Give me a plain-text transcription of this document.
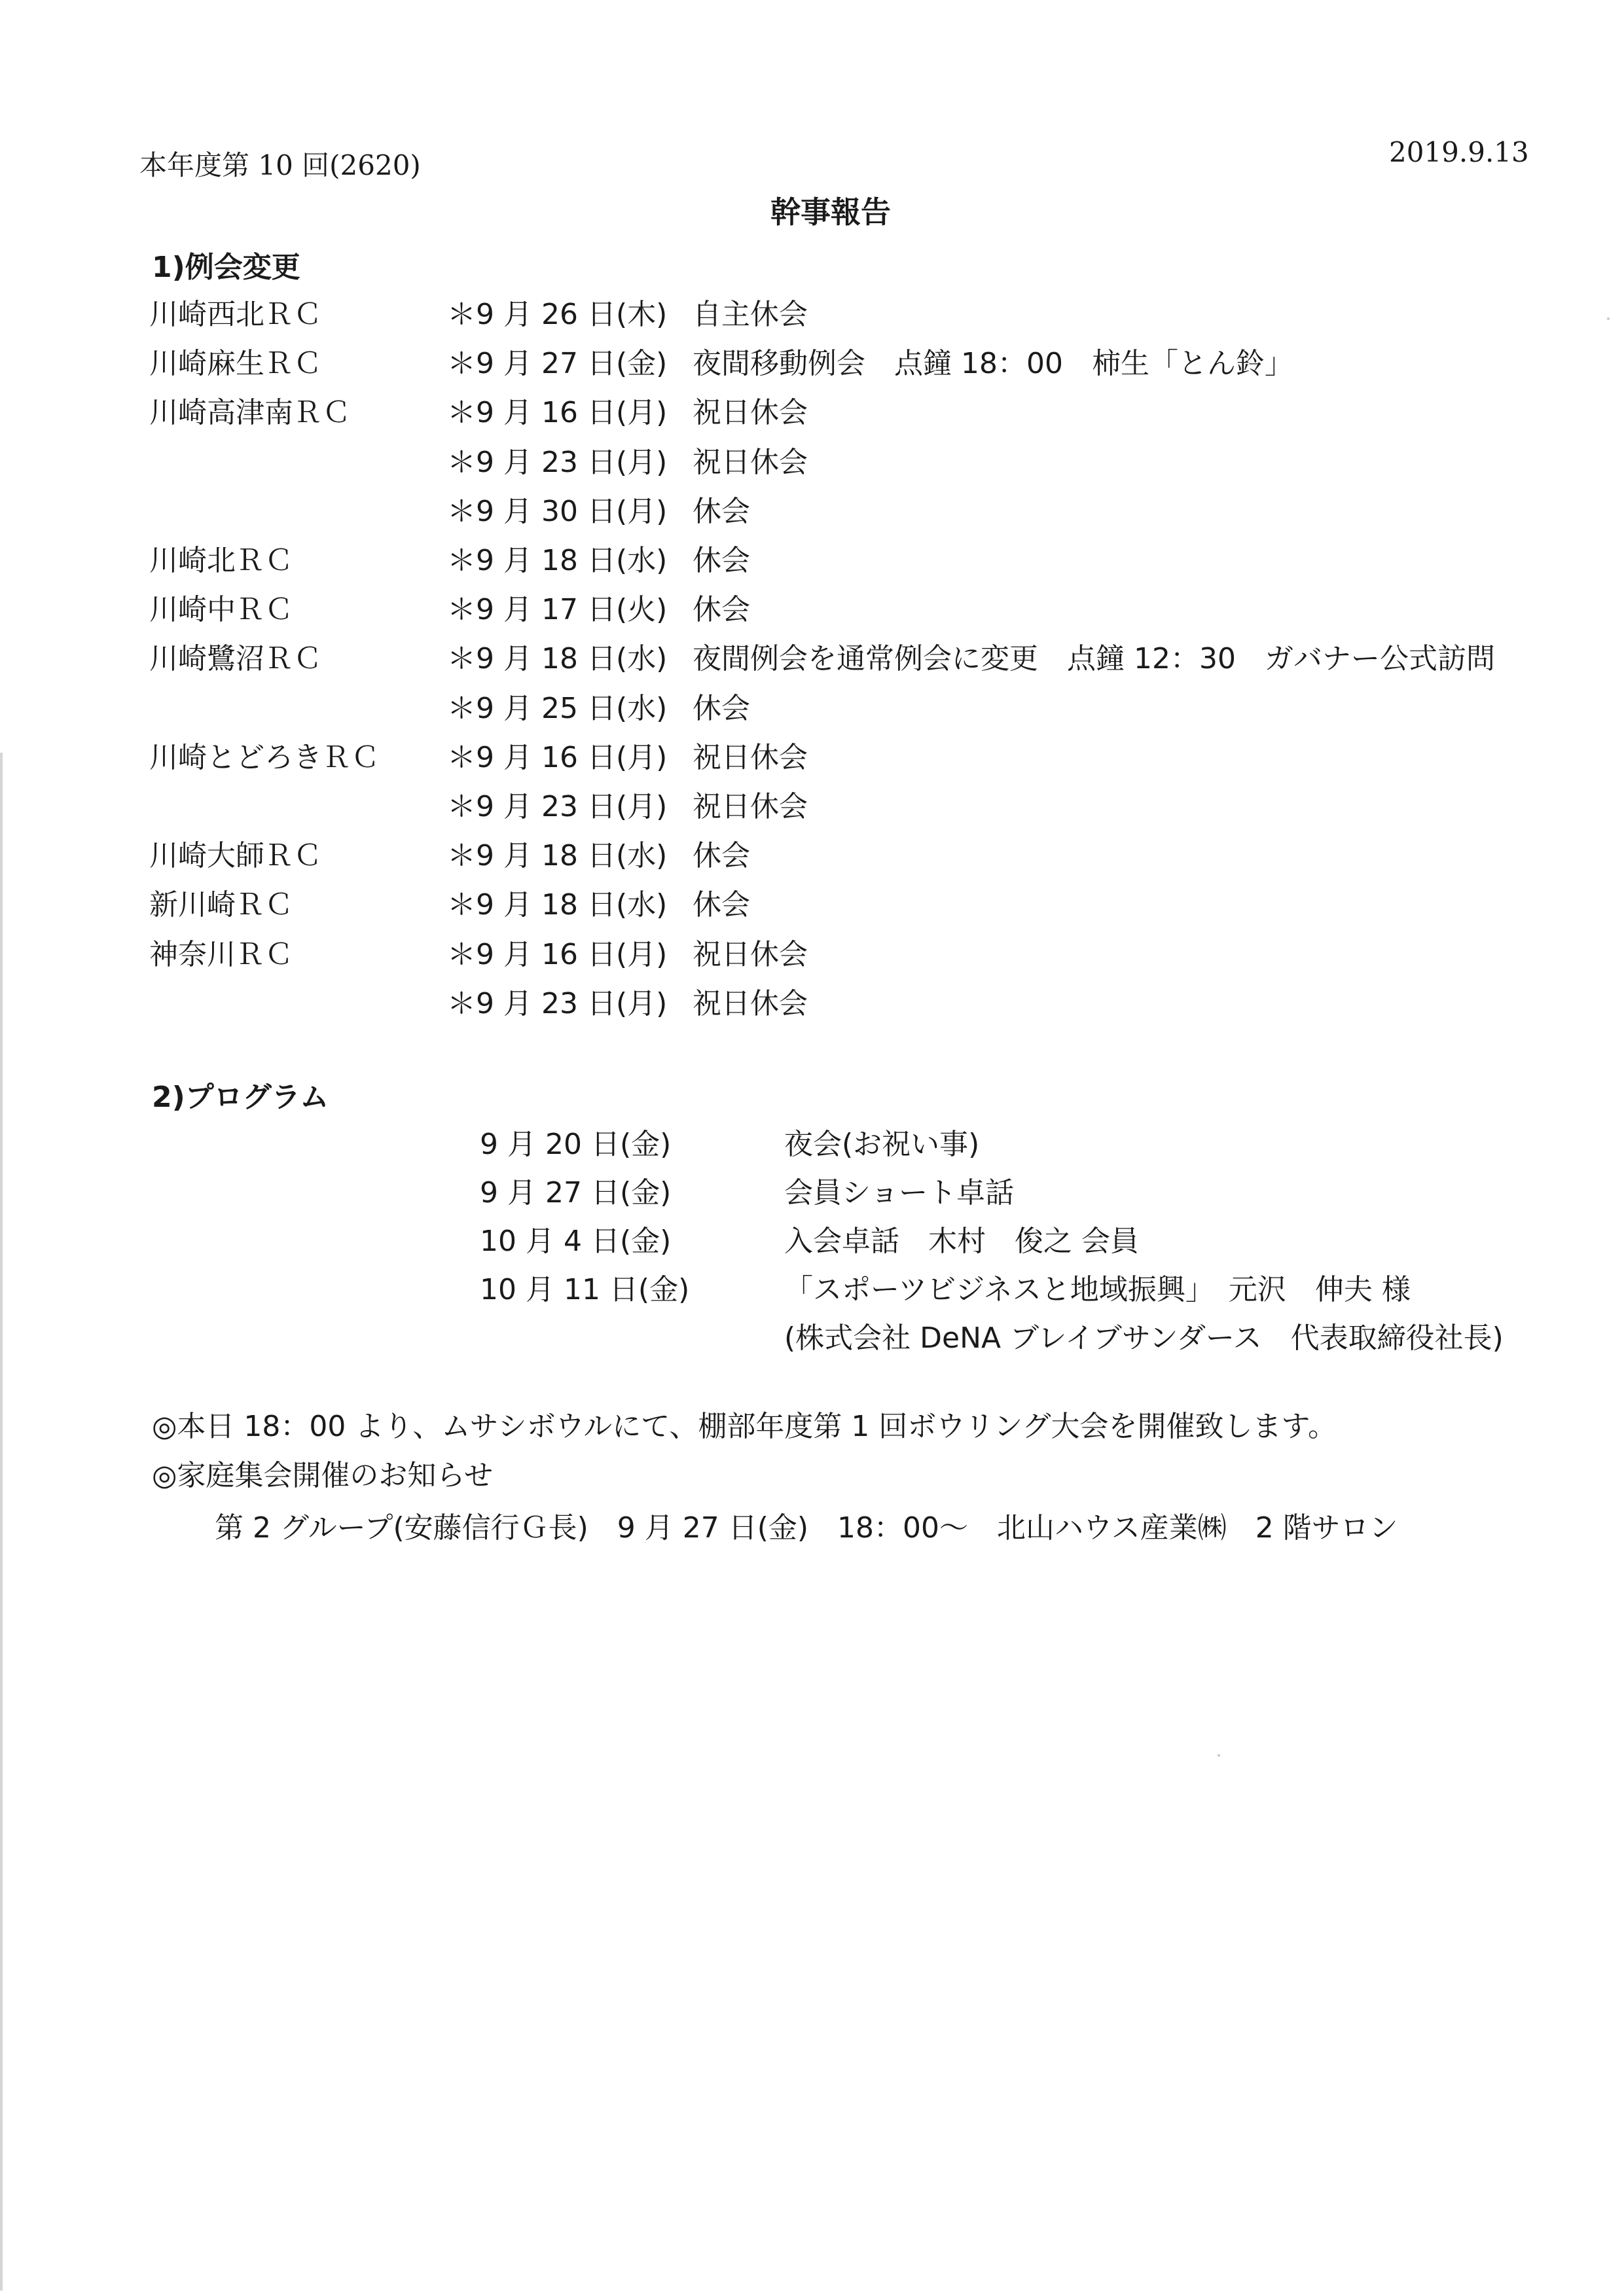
本年度第 10 回(2620)	2019.9.13
幹事報告
1)例会変更
川崎西北ＲＣ	＊9 月 26 日(木) 自主休会
川崎麻生ＲＣ	＊9 月 27 日(金) 夜間移動例会　点鐘 18：00　柿生「とん鈴」
川崎高津南ＲＣ	＊9 月 16 日(月) 祝日休会
＊9 月 23 日(月) 祝日休会
＊9 月 30 日(月) 休会
川崎北ＲＣ	＊9 月 18 日(水) 休会
川崎中ＲＣ	＊9 月 17 日(火) 休会
川崎鷺沼ＲＣ	＊9 月 18 日(水) 夜間例会を通常例会に変更　点鐘 12：30　ガバナー公式訪問
＊9 月 25 日(水) 休会
川崎とどろきＲＣ ＊9 月 16 日(月) 祝日休会
＊9 月 23 日(月) 祝日休会
川崎大師ＲＣ	＊9 月 18 日(水) 休会
新川崎ＲＣ	＊9 月 18 日(水) 休会
神奈川ＲＣ	＊9 月 16 日(月) 祝日休会
＊9 月 23 日(月) 祝日休会
2)プログラム
9 月 20 日(金)	夜会(お祝い事)
9 月 27 日(金)	会員ショート卓話
10 月 4 日(金)	入会卓話　木村　俊之 会員
10 月 11 日(金)	「スポーツビジネスと地域振興」　元沢　伸夫 様
(株式会社 DeNA ブレイブサンダース　代表取締役社長)
◎本日 18：00 より、ムサシボウルにて、棚部年度第 1 回ボウリング大会を開催致します。
◎家庭集会開催のお知らせ
第 2 グループ(安藤信行Ｇ長)　9 月 27 日(金)　18：00～　北山ハウス産業㈱　2 階サロン
